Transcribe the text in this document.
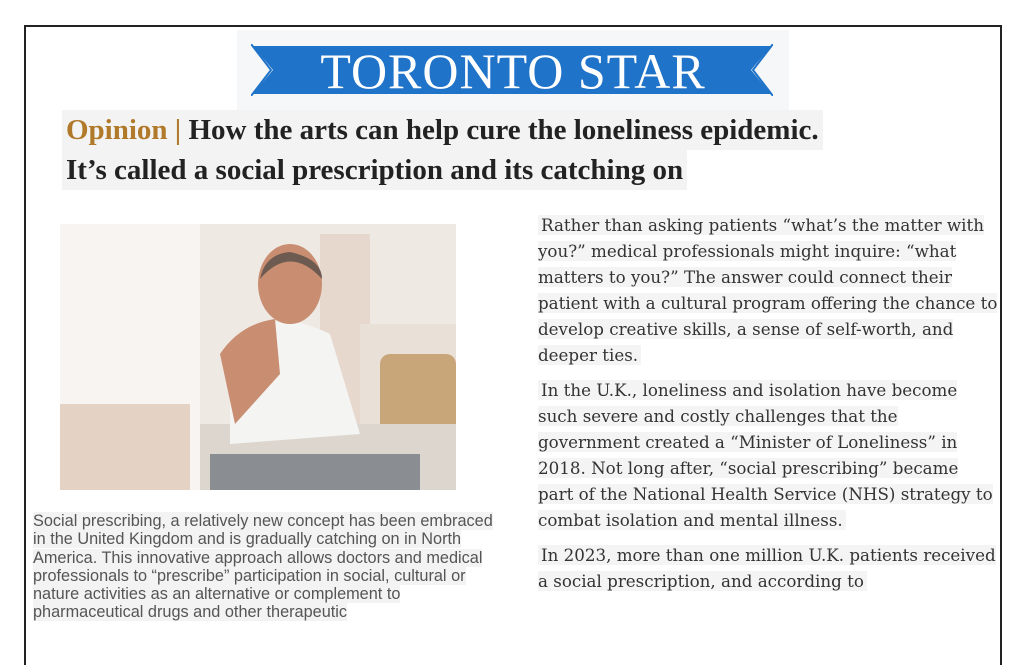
TORONTO STAR
Opinion | How the arts can help cure the loneliness epidemic.
It’s called a social prescription and its catching on
Social prescribing, a relatively new concept has been embraced in the United Kingdom and is gradually catching on in North America. This innovative approach allows doctors and medical professionals to “prescribe” participation in social, cultural or nature activities as an alternative or complement to pharmaceutical drugs and other therapeutic

Rather than asking patients “what’s the matter with you?” medical professionals might inquire: “what matters to you?” The answer could connect their patient with a cultural program offering the chance to develop creative skills, a sense of self-worth, and deeper ties.

In the U.K., loneliness and isolation have become such severe and costly challenges that the government created a “Minister of Loneliness” in 2018. Not long after, “social prescribing” became part of the National Health Service (NHS) strategy to combat isolation and mental illness.

In 2023, more than one million U.K. patients received a social prescription, and according to
